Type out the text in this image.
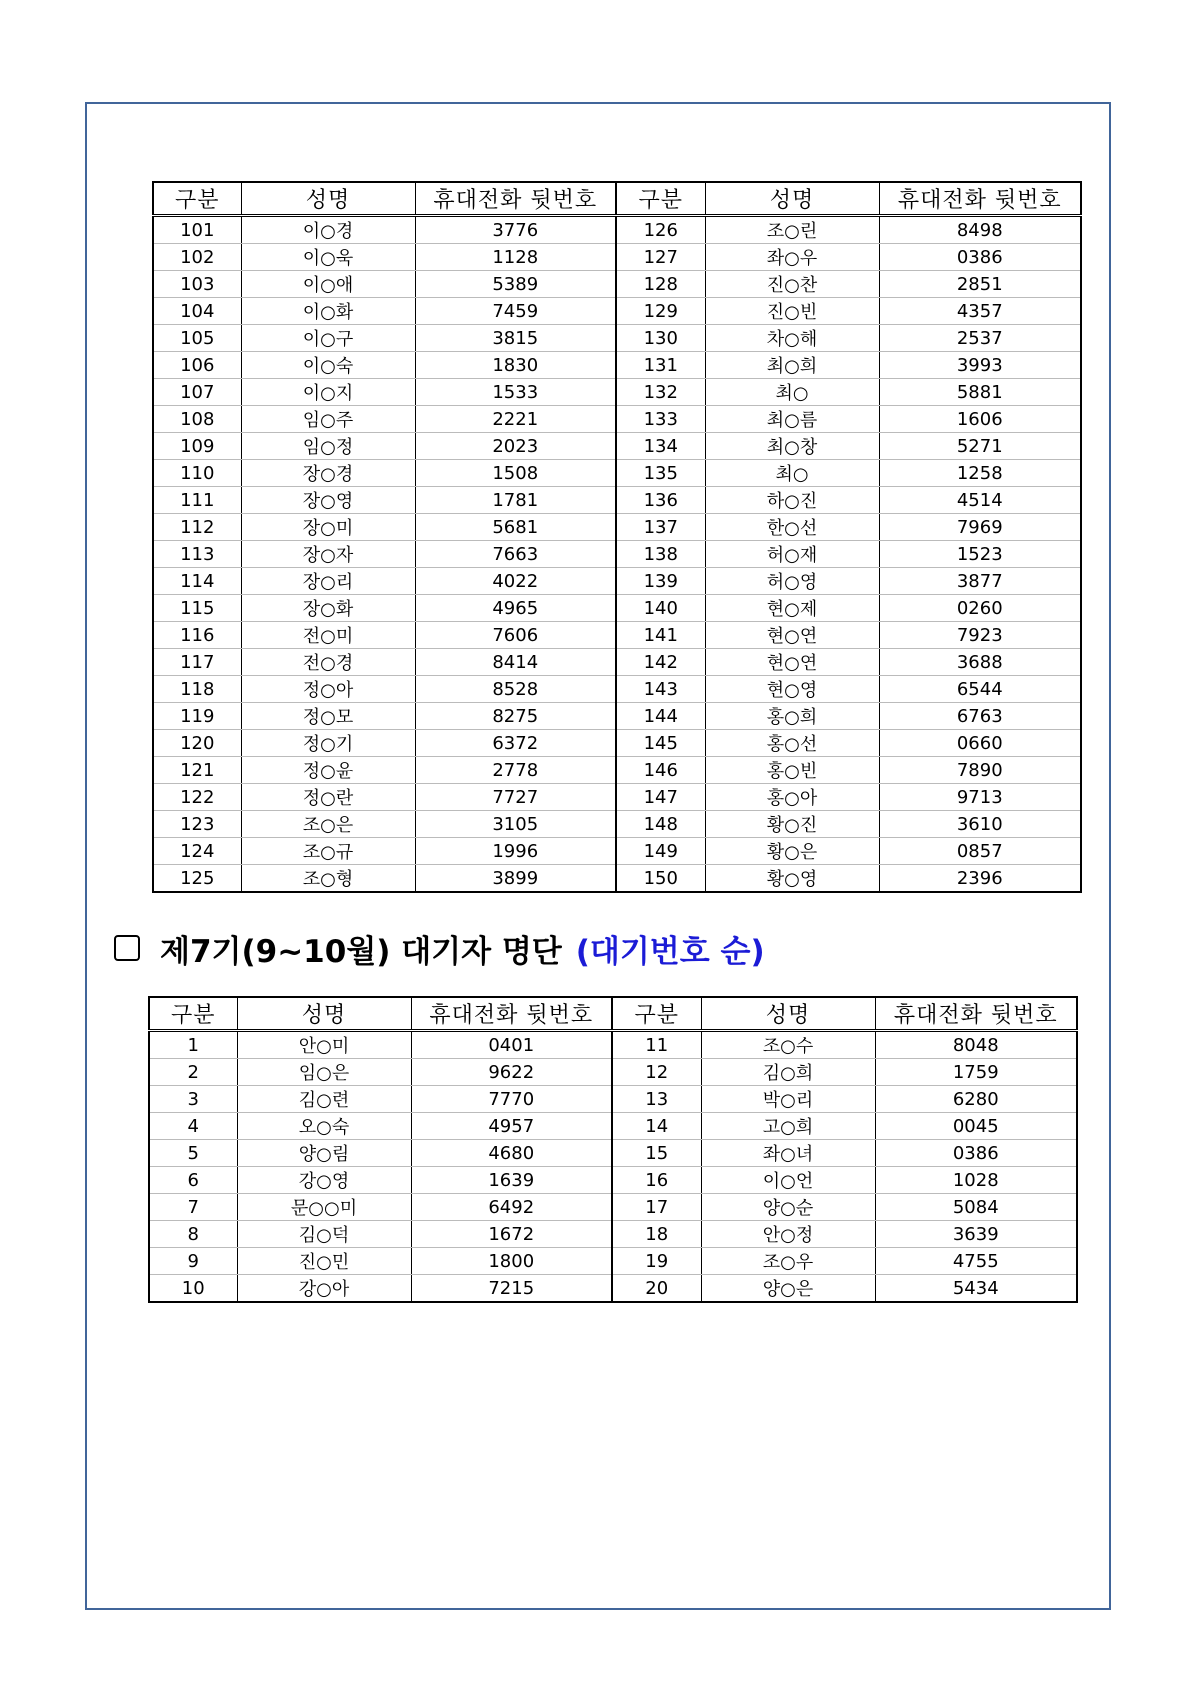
구분	성명	휴대전화 뒷번호	구분	성명	휴대전화 뒷번호
101	이○경	3776	126	조○린	8498
102	이○욱	1128	127	좌○우	0386
103	이○애	5389	128	진○찬	2851
104	이○화	7459	129	진○빈	4357
105	이○구	3815	130	차○해	2537
106	이○숙	1830	131	최○희	3993
107	이○지	1533	132	최○	5881
108	임○주	2221	133	최○름	1606
109	임○정	2023	134	최○창	5271
110	장○경	1508	135	최○	1258
111	장○영	1781	136	하○진	4514
112	장○미	5681	137	한○선	7969
113	장○자	7663	138	허○재	1523
114	장○리	4022	139	허○영	3877
115	장○화	4965	140	현○제	0260
116	전○미	7606	141	현○연	7923
117	전○경	8414	142	현○연	3688
118	정○아	8528	143	현○영	6544
119	정○모	8275	144	홍○희	6763
120	정○기	6372	145	홍○선	0660
121	정○윤	2778	146	홍○빈	7890
122	정○란	7727	147	홍○아	9713
123	조○은	3105	148	황○진	3610
124	조○규	1996	149	황○은	0857
125	조○형	3899	150	황○영	2396
제7기(9~10월) 대기자 명단 (대기번호 순)
구분	성명	휴대전화 뒷번호	구분	성명	휴대전화 뒷번호
1	안○미	0401	11	조○수	8048
2	임○은	9622	12	김○희	1759
3	김○련	7770	13	박○리	6280
4	오○숙	4957	14	고○희	0045
5	양○림	4680	15	좌○녀	0386
6	강○영	1639	16	이○언	1028
7	문○○미	6492	17	양○순	5084
8	김○덕	1672	18	안○정	3639
9	진○민	1800	19	조○우	4755
10	강○아	7215	20	양○은	5434
